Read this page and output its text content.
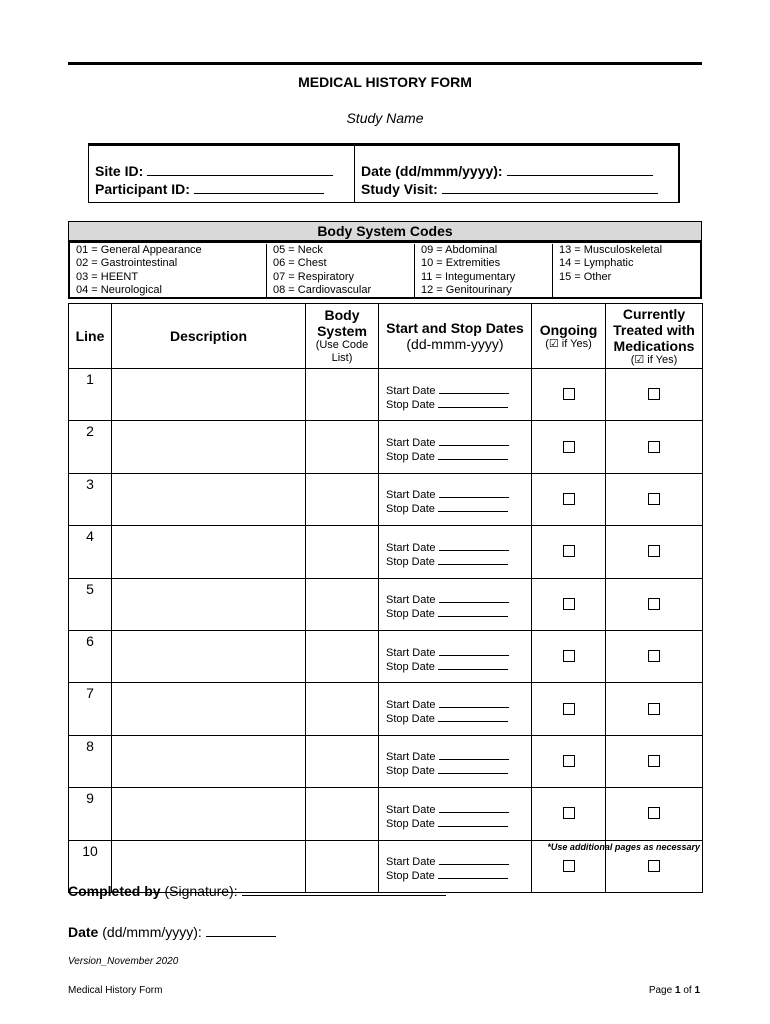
MEDICAL HISTORY FORM
Study Name
Site ID:
Participant ID:
Date (dd/mmm/yyyy):
Study Visit:
Body System Codes
01 = General Appearance
02 = Gastrointestinal
03 = HEENT
04 = Neurological
05 = Neck
06 = Chest
07 = Respiratory
08 = Cardiovascular
09 = Abdominal
10 = Extremities
11 = Integumentary
12 = Genitourinary
13 = Musculoskeletal
14 = Lymphatic
15 = Other
Line	Description	Body System
(Use Code List)	Start and Stop Dates
(dd-mmm-yyyy)	Ongoing
(☑ if Yes)	Currently Treated with Medications
(☑ if Yes)

1			Start Date
Stop Date		

2			Start Date
Stop Date		

3			Start Date
Stop Date		

4			Start Date
Stop Date		

5			Start Date
Stop Date		

6			Start Date
Stop Date		

7			Start Date
Stop Date		

8			Start Date
Stop Date		

9			Start Date
Stop Date		

10			Start Date
Stop Date		

*Use additional pages as necessary
Completed by (Signature):
Date (dd/mmm/yyyy):
Version_November 2020
Medical History Form	Page 1 of 1
